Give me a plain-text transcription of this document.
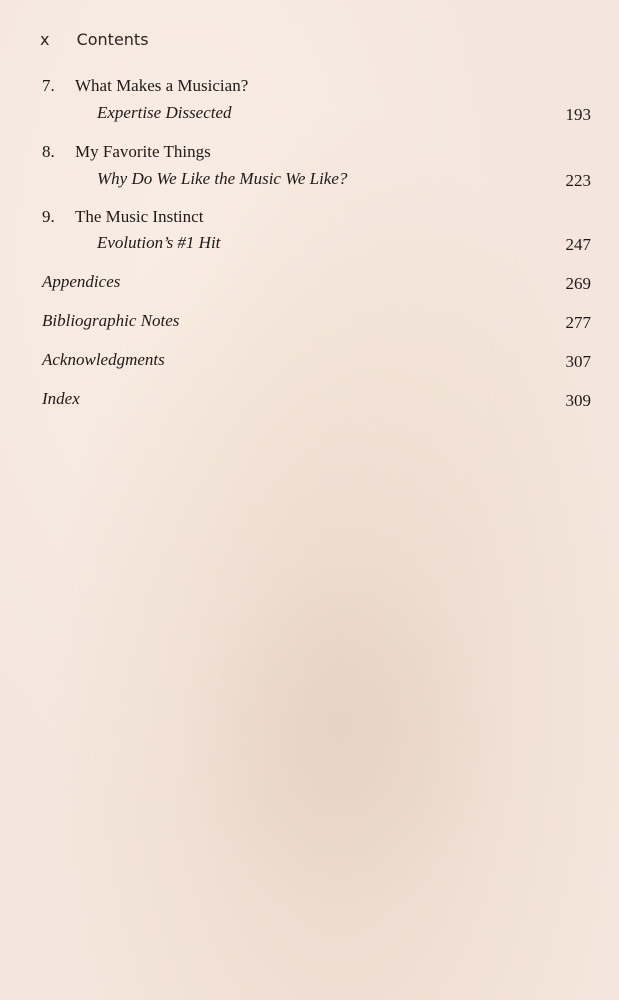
x Contents
7. What Makes a Musician?
Expertise Dissected	193
8. My Favorite Things
Why Do We Like the Music We Like?	223
9. The Music Instinct
Evolution’s #1 Hit	247
Appendices	269
Bibliographic Notes	277
Acknowledgments	307
Index	309
